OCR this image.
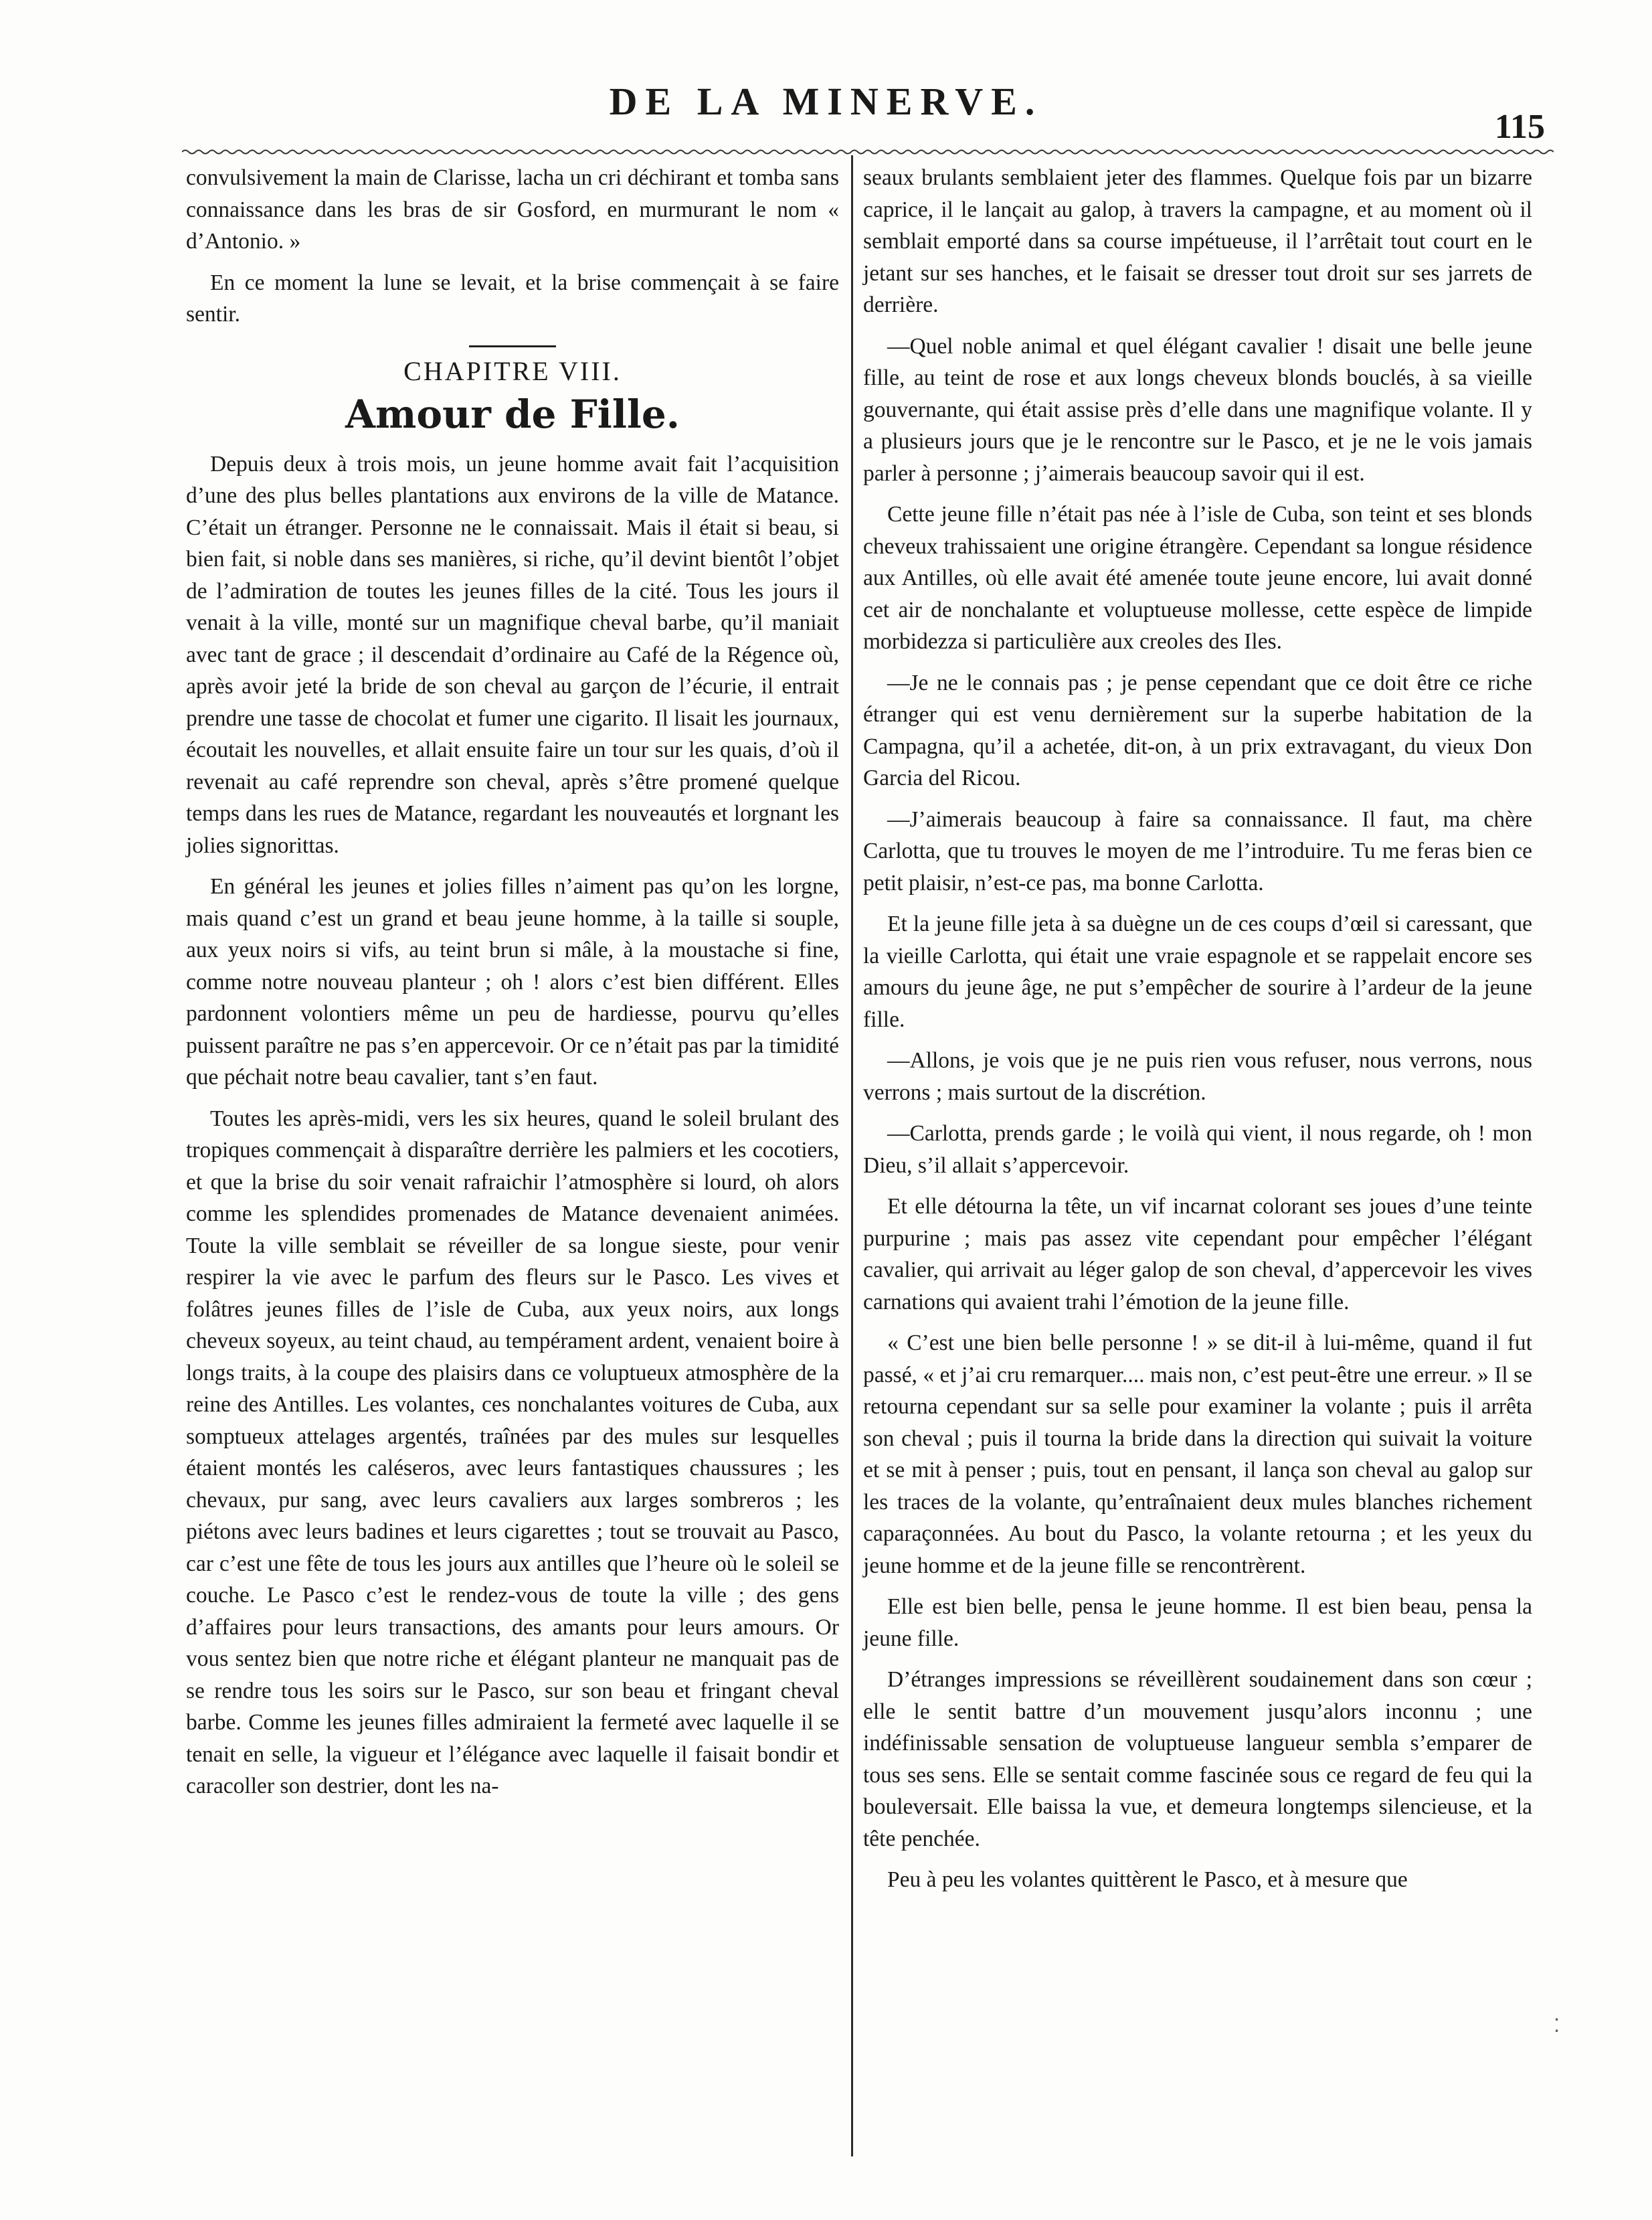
DE LA MINERVE.
115

convulsivement la main de Clarisse, lacha un cri déchirant et tomba sans connaissance dans les bras de sir Gosford, en murmurant le nom « d’Antonio. »

En ce moment la lune se levait, et la brise commençait à se faire sentir.

CHAPITRE VIII.
Amour de Fille.

Depuis deux à trois mois, un jeune homme avait fait l’acquisition d’une des plus belles plantations aux environs de la ville de Matance. C’était un étranger. Personne ne le connaissait. Mais il était si beau, si bien fait, si noble dans ses manières, si riche, qu’il devint bientôt l’objet de l’admiration de toutes les jeunes filles de la cité. Tous les jours il venait à la ville, monté sur un magnifique cheval barbe, qu’il maniait avec tant de grace ; il descendait d’ordinaire au Café de la Régence où, après avoir jeté la bride de son cheval au garçon de l’écurie, il entrait prendre une tasse de chocolat et fumer une cigarito. Il lisait les journaux, écoutait les nouvelles, et allait ensuite faire un tour sur les quais, d’où il revenait au café reprendre son cheval, après s’être promené quelque temps dans les rues de Matance, regardant les nouveautés et lorgnant les jolies signorittas.

En général les jeunes et jolies filles n’aiment pas qu’on les lorgne, mais quand c’est un grand et beau jeune homme, à la taille si souple, aux yeux noirs si vifs, au teint brun si mâle, à la moustache si fine, comme notre nouveau planteur ; oh ! alors c’est bien différent. Elles pardonnent volontiers même un peu de hardiesse, pourvu qu’elles puissent paraître ne pas s’en appercevoir. Or ce n’était pas par la timidité que péchait notre beau cavalier, tant s’en faut.

Toutes les après-midi, vers les six heures, quand le soleil brulant des tropiques commençait à disparaître derrière les palmiers et les cocotiers, et que la brise du soir venait rafraichir l’atmosphère si lourd, oh alors comme les splendides promenades de Matance devenaient animées. Toute la ville semblait se réveiller de sa longue sieste, pour venir respirer la vie avec le parfum des fleurs sur le Pasco. Les vives et folâtres jeunes filles de l’isle de Cuba, aux yeux noirs, aux longs cheveux soyeux, au teint chaud, au tempérament ardent, venaient boire à longs traits, à la coupe des plaisirs dans ce voluptueux atmosphère de la reine des Antilles. Les volantes, ces nonchalantes voitures de Cuba, aux somptueux attelages argentés, traînées par des mules sur lesquelles étaient montés les caléseros, avec leurs fantastiques chaussures ; les chevaux, pur sang, avec leurs cavaliers aux larges sombreros ; les piétons avec leurs badines et leurs cigarettes ; tout se trouvait au Pasco, car c’est une fête de tous les jours aux antilles que l’heure où le soleil se couche. Le Pasco c’est le rendez-vous de toute la ville ; des gens d’affaires pour leurs transactions, des amants pour leurs amours. Or vous sentez bien que notre riche et élégant planteur ne manquait pas de se rendre tous les soirs sur le Pasco, sur son beau et fringant cheval barbe. Comme les jeunes filles admiraient la fermeté avec laquelle il se tenait en selle, la vigueur et l’élégance avec laquelle il faisait bondir et caracoller son destrier, dont les na-

seaux brulants semblaient jeter des flammes. Quelque fois par un bizarre caprice, il le lançait au galop, à travers la campagne, et au moment où il semblait emporté dans sa course impétueuse, il l’arrêtait tout court en le jetant sur ses hanches, et le faisait se dresser tout droit sur ses jarrets de derrière.

—Quel noble animal et quel élégant cavalier ! disait une belle jeune fille, au teint de rose et aux longs cheveux blonds bouclés, à sa vieille gouvernante, qui était assise près d’elle dans une magnifique volante. Il y a plusieurs jours que je le rencontre sur le Pasco, et je ne le vois jamais parler à personne ; j’aimerais beaucoup savoir qui il est.

Cette jeune fille n’était pas née à l’isle de Cuba, son teint et ses blonds cheveux trahissaient une origine étrangère. Cependant sa longue résidence aux Antilles, où elle avait été amenée toute jeune encore, lui avait donné cet air de nonchalante et voluptueuse mollesse, cette espèce de limpide morbidezza si particulière aux creoles des Iles.

—Je ne le connais pas ; je pense cependant que ce doit être ce riche étranger qui est venu dernièrement sur la superbe habitation de la Campagna, qu’il a achetée, dit-on, à un prix extravagant, du vieux Don Garcia del Ricou.

—J’aimerais beaucoup à faire sa connaissance. Il faut, ma chère Carlotta, que tu trouves le moyen de me l’introduire. Tu me feras bien ce petit plaisir, n’est-ce pas, ma bonne Carlotta.

Et la jeune fille jeta à sa duègne un de ces coups d’œil si caressant, que la vieille Carlotta, qui était une vraie espagnole et se rappelait encore ses amours du jeune âge, ne put s’empêcher de sourire à l’ardeur de la jeune fille.

—Allons, je vois que je ne puis rien vous refuser, nous verrons, nous verrons ; mais surtout de la discrétion.

—Carlotta, prends garde ; le voilà qui vient, il nous regarde, oh ! mon Dieu, s’il allait s’appercevoir.

Et elle détourna la tête, un vif incarnat colorant ses joues d’une teinte purpurine ; mais pas assez vite cependant pour empêcher l’élégant cavalier, qui arrivait au léger galop de son cheval, d’appercevoir les vives carnations qui avaient trahi l’émotion de la jeune fille.

« C’est une bien belle personne ! » se dit-il à lui-même, quand il fut passé, « et j’ai cru remarquer.... mais non, c’est peut-être une erreur. » Il se retourna cependant sur sa selle pour examiner la volante ; puis il arrêta son cheval ; puis il tourna la bride dans la direction qui suivait la voiture et se mit à penser ; puis, tout en pensant, il lança son cheval au galop sur les traces de la volante, qu’entraînaient deux mules blanches richement caparaçonnées. Au bout du Pasco, la volante retourna ; et les yeux du jeune homme et de la jeune fille se rencontrèrent.

Elle est bien belle, pensa le jeune homme. Il est bien beau, pensa la jeune fille.

D’étranges impressions se réveillèrent soudainement dans son cœur ; elle le sentit battre d’un mouvement jusqu’alors inconnu ; une indéfinissable sensation de voluptueuse langueur sembla s’emparer de tous ses sens. Elle se sentait comme fascinée sous ce regard de feu qui la bouleversait. Elle baissa la vue, et demeura longtemps silencieuse, et la tête penchée.

Peu à peu les volantes quittèrent le Pasco, et à mesure que

⁚
